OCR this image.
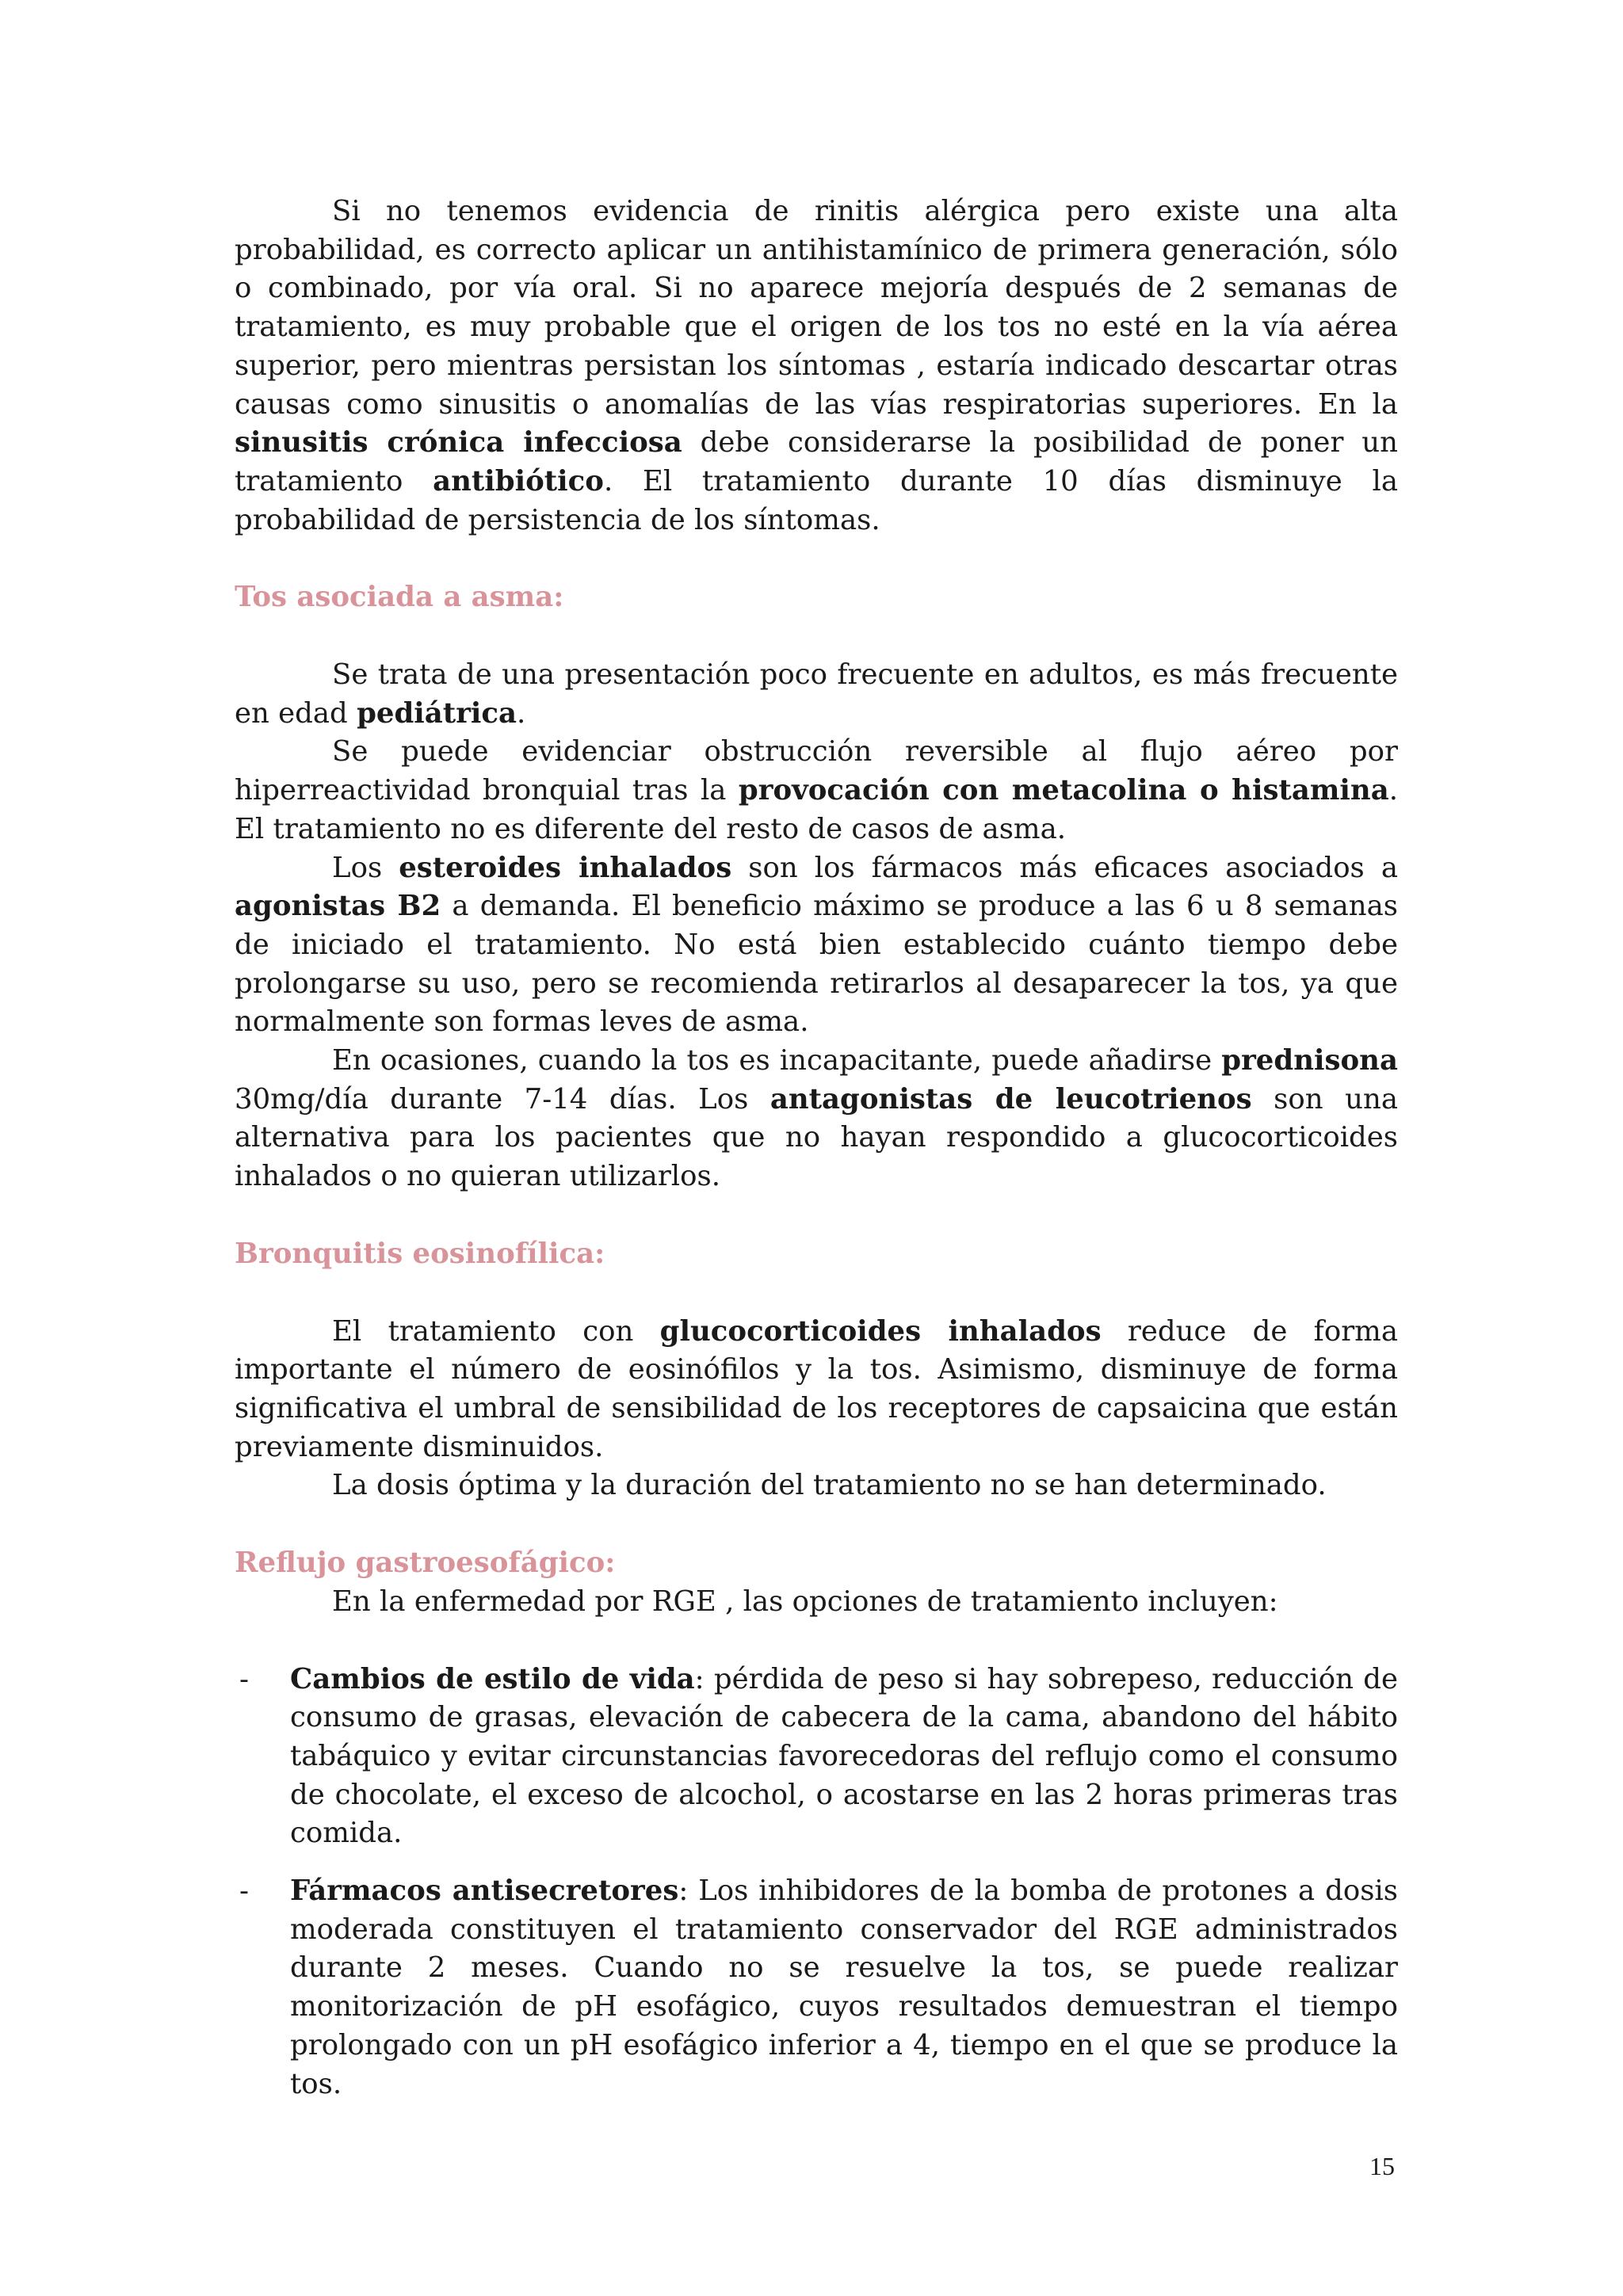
Si no tenemos evidencia de rinitis alérgica pero existe una alta probabilidad, es correcto aplicar un antihistamínico de primera generación, sólo o combinado, por vía oral. Si no aparece mejoría después de 2 semanas de tratamiento, es muy probable que el origen de los tos no esté en la vía aérea superior, pero mientras persistan los síntomas , estaría indicado descartar otras causas como sinusitis o anomalías de las vías respiratorias superiores. En la sinusitis crónica infecciosa debe considerarse la posibilidad de poner un tratamiento antibiótico. El tratamiento durante 10 días disminuye la probabilidad de persistencia de los síntomas.

Tos asociada a asma:

Se trata de una presentación poco frecuente en adultos, es más frecuente en edad pediátrica.

Se puede evidenciar obstrucción reversible al flujo aéreo por hiperreactividad bronquial tras la provocación con metacolina o histamina. El tratamiento no es diferente del resto de casos de asma.

Los esteroides inhalados son los fármacos más eficaces asociados a agonistas B2 a demanda. El beneficio máximo se produce a las 6 u 8 semanas de iniciado el tratamiento. No está bien establecido cuánto tiempo debe prolongarse su uso, pero se recomienda retirarlos al desaparecer la tos, ya que normalmente son formas leves de asma.

En ocasiones, cuando la tos es incapacitante, puede añadirse prednisona 30mg/día durante 7-14 días. Los antagonistas de leucotrienos son una alternativa para los pacientes que no hayan respondido a glucocorticoides inhalados o no quieran utilizarlos.

Bronquitis eosinofílica:

El tratamiento con glucocorticoides inhalados reduce de forma importante el número de eosinófilos y la tos. Asimismo, disminuye de forma significativa el umbral de sensibilidad de los receptores de capsaicina que están previamente disminuidos.

La dosis óptima y la duración del tratamiento no se han determinado.

Reflujo gastroesofágico:

En la enfermedad por RGE , las opciones de tratamiento incluyen:

- Cambios de estilo de vida: pérdida de peso si hay sobrepeso, reducción de consumo de grasas, elevación de cabecera de la cama, abandono del hábito tabáquico y evitar circunstancias favorecedoras del reflujo como el consumo de chocolate, el exceso de alcochol, o acostarse en las 2 horas primeras tras comida.

- Fármacos antisecretores: Los inhibidores de la bomba de protones a dosis moderada constituyen el tratamiento conservador del RGE administrados durante 2 meses. Cuando no se resuelve la tos, se puede realizar monitorización de pH esofágico, cuyos resultados demuestran el tiempo prolongado con un pH esofágico inferior a 4, tiempo en el que se produce la tos.

15
